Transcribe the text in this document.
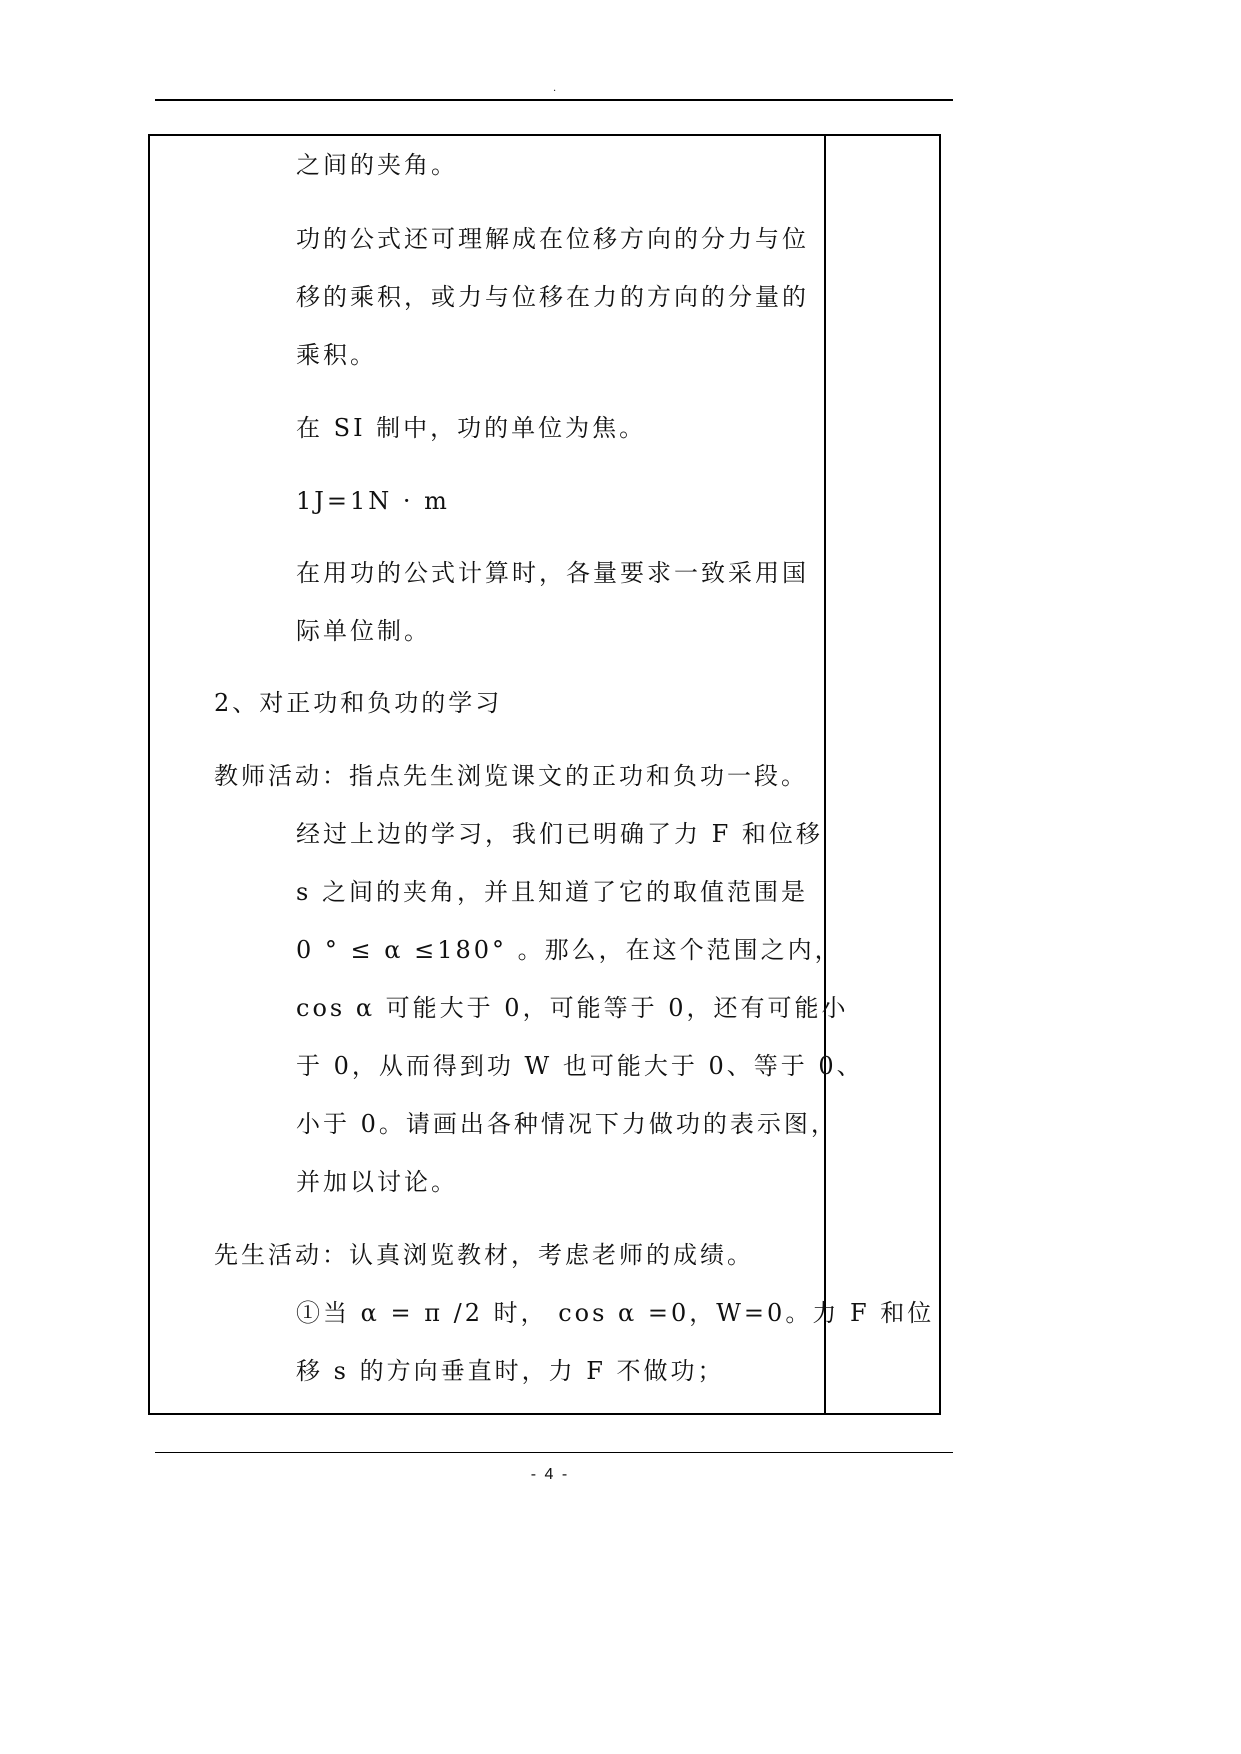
.
之间的夹角。
功的公式还可理解成在位移方向的分力与位
移的乘积，或力与位移在力的方向的分量的
乘积。
在 SI 制中，功的单位为焦。
1J=1N · m
在用功的公式计算时，各量要求一致采用国
际单位制。
2、对正功和负功的学习
教师活动：指点先生浏览课文的正功和负功一段。
经过上边的学习，我们已明确了力 F 和位移
s 之间的夹角，并且知道了它的取值范围是
0 ° ≤ α ≤180° 。那么，在这个范围之内，
cos α 可能大于 0，可能等于 0，还有可能小
于 0，从而得到功 W 也可能大于 0、等于 0、
小于 0。请画出各种情况下力做功的表示图，
并加以讨论。
先生活动：认真浏览教材，考虑老师的成绩。
①当 α = π /2 时， cos α =0，W=0。力 F 和位
移 s 的方向垂直时，力 F 不做功；
- 4 -
